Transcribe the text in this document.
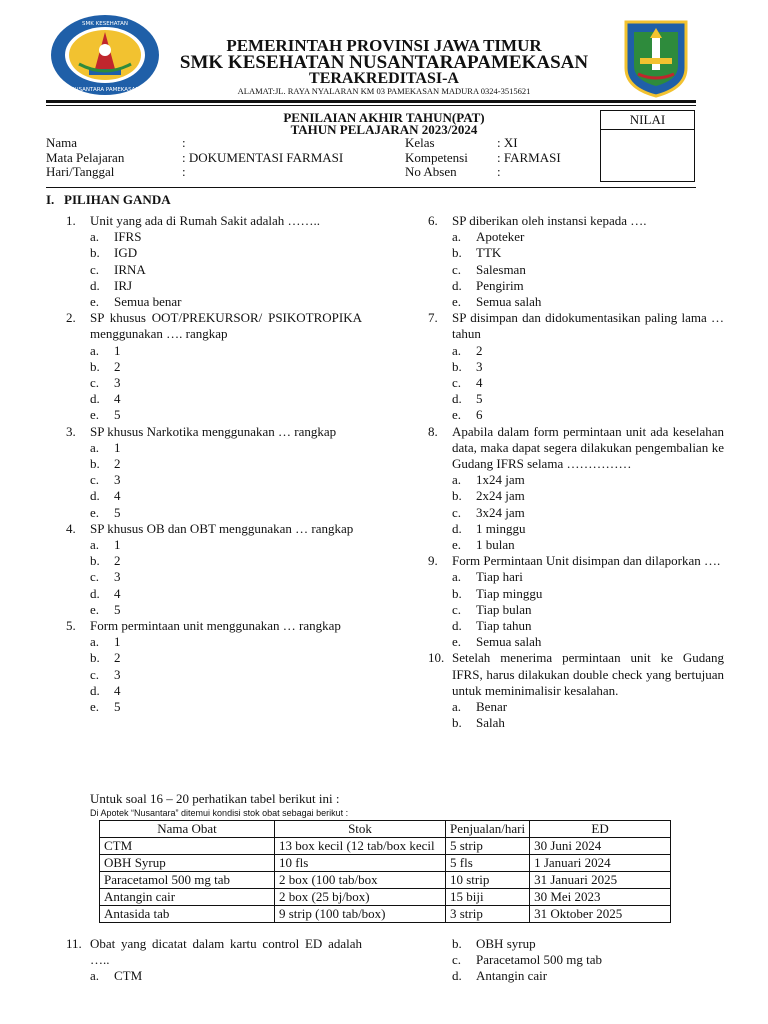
SMK KESEHATAN
NUSANTARA PAMEKASAN
PEMERINTAH PROVINSI JAWA TIMUR
SMK KESEHATAN NUSANTARAPAMEKASAN
TERAKREDITASI-A
ALAMAT:JL. RAYA NYALARAN KM 03 PAMEKASAN MADURA 0324-3515621
PENILAIAN AKHIR TAHUN(PAT)
TAHUN PELAJARAN 2023/2024
NILAI
Nama	:
Mata Pelajaran	: DOKUMENTASI FARMASI
Hari/Tanggal	:
Kelas	: XI
Kompetensi : FARMASI
No Absen	:
I.   PILIHAN GANDA
1. Unit yang ada di Rumah Sakit adalah ……..
a.	IFRS
b.	IGD
c.	IRNA
d.	IRJ
e.	Semua benar
2. SP khusus OOT/PREKURSOR/ PSIKOTROPIKA menggunakan …. rangkap
a.	1
b.	2
c.	3
d.	4
e.	5
3. SP khusus Narkotika menggunakan … rangkap
a.	1
b.	2
c.	3
d.	4
e.	5
4. SP khusus OB dan OBT menggunakan … rangkap
a.	1
b.	2
c.	3
d.	4
e.	5
5. Form permintaan unit menggunakan … rangkap
a.	1
b.	2
c.	3
d.	4
e.	5
6. SP diberikan oleh instansi kepada ….
a.	Apoteker
b.	TTK
c.	Salesman
d.	Pengirim
e.	Semua salah
7. SP disimpan dan didokumentasikan paling lama … tahun
a.	2
b.	3
c.	4
d.	5
e.	6
8. Apabila dalam form permintaan unit ada keselahan data, maka dapat segera dilakukan pengembalian ke Gudang IFRS selama ……………
a.	1x24 jam
b.	2x24 jam
c.	3x24 jam
d.	1 minggu
e.	1 bulan
9. Form Permintaan Unit disimpan dan dilaporkan ….
a.	Tiap hari
b.	Tiap minggu
c.	Tiap bulan
d.	Tiap tahun
e.	Semua salah
10. Setelah menerima permintaan unit ke Gudang IFRS, harus dilakukan double check yang bertujuan untuk meminimalisir kesalahan.
a.	Benar
b.	Salah
Untuk soal 16 – 20 perhatikan tabel berikut ini :
Di Apotek “Nusantara” ditemui kondisi stok obat sebagai berikut :
Nama Obat	Stok	Penjualan/hari	ED
CTM	13 box kecil (12 tab/box kecil	5 strip	30 Juni 2024
OBH Syrup	10 fls	5 fls	1 Januari 2024
Paracetamol 500 mg tab	2 box (100 tab/box	10 strip	31 Januari 2025
Antangin cair	2 box (25 bj/box)	15 biji	30 Mei 2023
Antasida tab	9 strip (100 tab/box)	3 strip	31 Oktober 2025
11. Obat yang dicatat dalam kartu control ED adalah …..
a.	CTM
b.	OBH syrup
c.	Paracetamol 500 mg tab
d.	Antangin cair
